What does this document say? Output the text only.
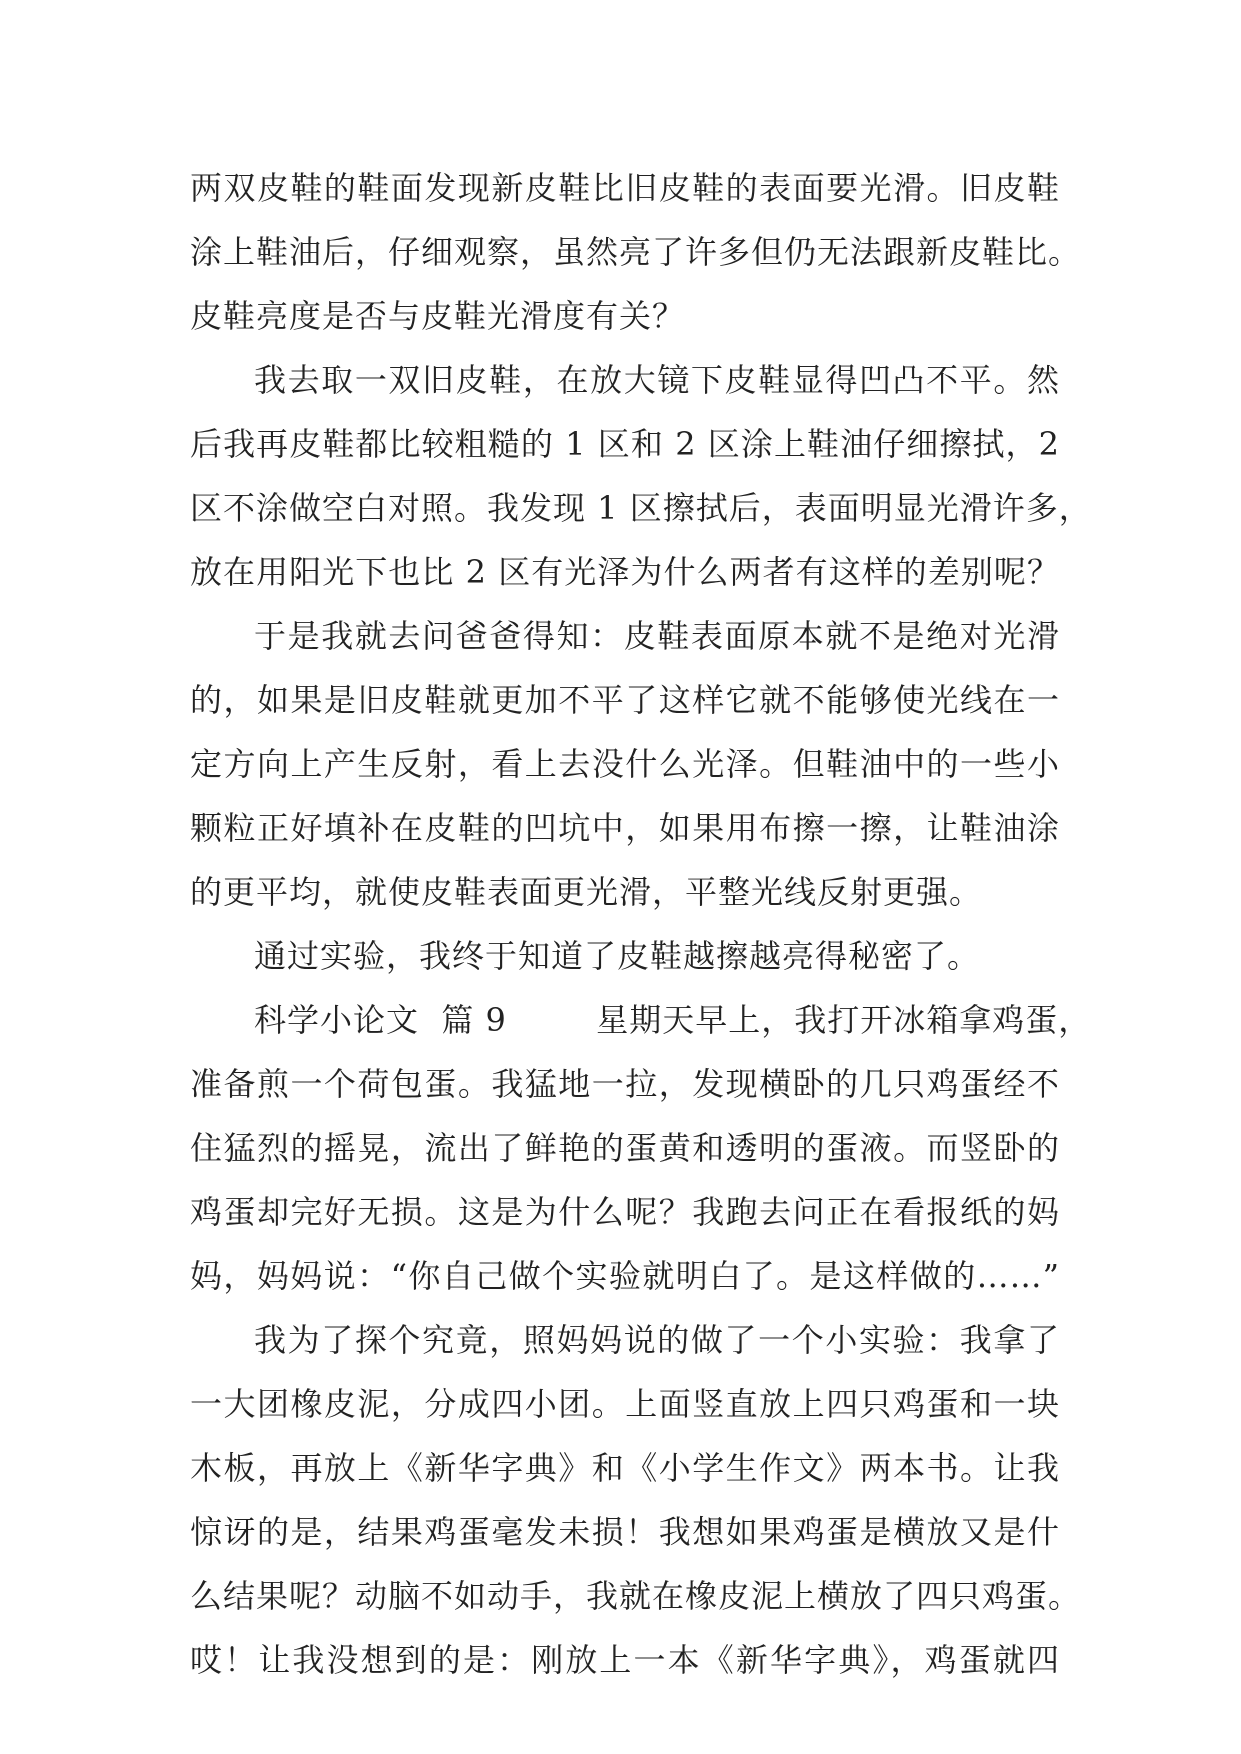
两双皮鞋的鞋面发现新皮鞋比旧皮鞋的表面要光滑。旧皮鞋
涂上鞋油后，仔细观察，虽然亮了许多但仍无法跟新皮鞋比。
皮鞋亮度是否与皮鞋光滑度有关？
我去取一双旧皮鞋，在放大镜下皮鞋显得凹凸不平。然
后我再皮鞋都比较粗糙的 1 区和 2 区涂上鞋油仔细擦拭，2
区不涂做空白对照。我发现 1 区擦拭后，表面明显光滑许多，
放在用阳光下也比 2 区有光泽为什么两者有这样的差别呢？
于是我就去问爸爸得知：皮鞋表面原本就不是绝对光滑
的，如果是旧皮鞋就更加不平了这样它就不能够使光线在一
定方向上产生反射，看上去没什么光泽。但鞋油中的一些小
颗粒正好填补在皮鞋的凹坑中，如果用布擦一擦，让鞋油涂
的更平均，就使皮鞋表面更光滑，平整光线反射更强。
通过实验，我终于知道了皮鞋越擦越亮得秘密了。
科学小论文  篇 9        星期天早上，我打开冰箱拿鸡蛋，
准备煎一个荷包蛋。我猛地一拉，发现横卧的几只鸡蛋经不
住猛烈的摇晃，流出了鲜艳的蛋黄和透明的蛋液。而竖卧的
鸡蛋却完好无损。这是为什么呢？我跑去问正在看报纸的妈
妈，妈妈说：“你自己做个实验就明白了。是这样做的……”
我为了探个究竟，照妈妈说的做了一个小实验：我拿了
一大团橡皮泥，分成四小团。上面竖直放上四只鸡蛋和一块
木板，再放上《新华字典》和《小学生作文》两本书。让我
惊讶的是，结果鸡蛋毫发未损！我想如果鸡蛋是横放又是什
么结果呢？动脑不如动手，我就在橡皮泥上横放了四只鸡蛋。
哎！让我没想到的是：刚放上一本《新华字典》，鸡蛋就四
